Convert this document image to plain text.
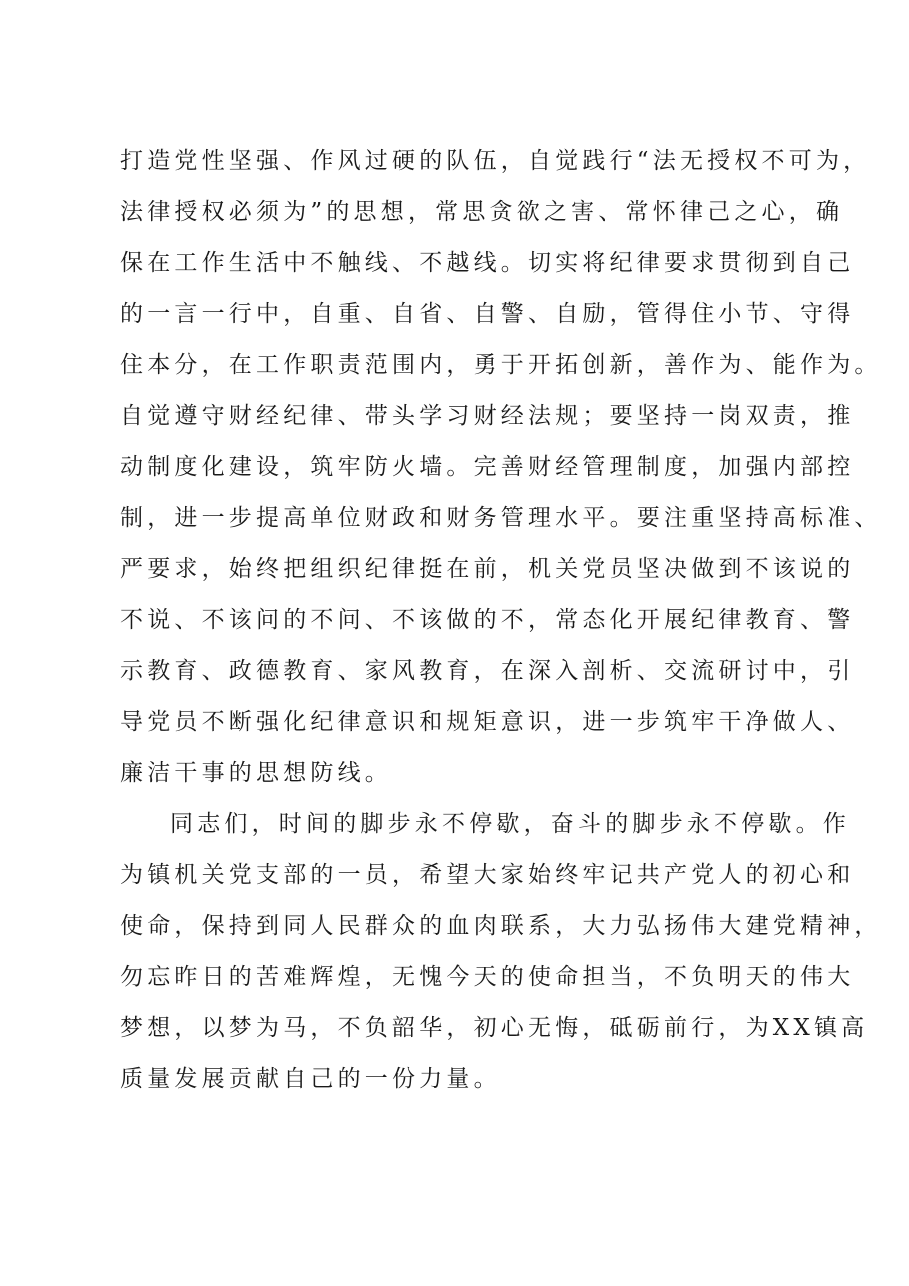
打造党性坚强、作风过硬的队伍，自觉践行“法无授权不可为，
法律授权必须为”的思想，常思贪欲之害、常怀律己之心，确
保在工作生活中不触线、不越线。切实将纪律要求贯彻到自己
的一言一行中，自重、自省、自警、自励，管得住小节、守得
住本分，在工作职责范围内，勇于开拓创新，善作为、能作为。
自觉遵守财经纪律、带头学习财经法规；要坚持一岗双责，推
动制度化建设，筑牢防火墙。完善财经管理制度，加强内部控
制，进一步提高单位财政和财务管理水平。要注重坚持高标准、
严要求，始终把组织纪律挺在前，机关党员坚决做到不该说的
不说、不该问的不问、不该做的不，常态化开展纪律教育、警
示教育、政德教育、家风教育，在深入剖析、交流研讨中，引
导党员不断强化纪律意识和规矩意识，进一步筑牢干净做人、
廉洁干事的思想防线。
同志们，时间的脚步永不停歇，奋斗的脚步永不停歇。作
为镇机关党支部的一员，希望大家始终牢记共产党人的初心和
使命，保持到同人民群众的血肉联系，大力弘扬伟大建党精神，
勿忘昨日的苦难辉煌，无愧今天的使命担当，不负明天的伟大
梦想，以梦为马，不负韶华，初心无悔，砥砺前行，为XX镇高
质量发展贡献自己的一份力量。
